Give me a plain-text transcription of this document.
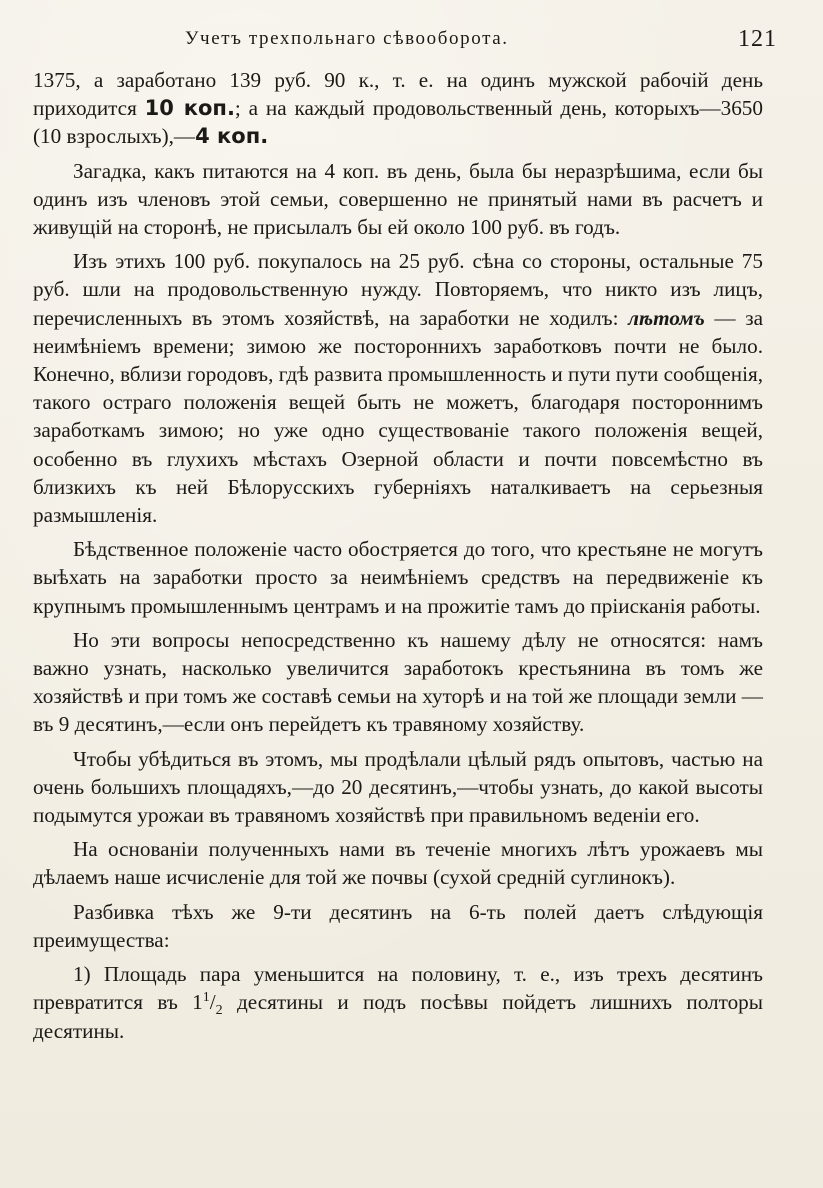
Учетъ трехпольнаго сѣвооборота.	121

1375, а заработано 139 руб. 90 к., т. е. на одинъ мужской рабочій день приходится 10 коп.; а на каждый продовольственный день, которыхъ—3650 (10 взрослыхъ),—4 коп.

Загадка, какъ питаются на 4 коп. въ день, была бы неразрѣшима, если бы одинъ изъ членовъ этой семьи, совершенно не принятый нами въ расчетъ и живущій на сторонѣ, не присылалъ бы ей около 100 руб. въ годъ.

Изъ этихъ 100 руб. покупалось на 25 руб. сѣна со стороны, остальные 75 руб. шли на продовольственную нужду. Повторяемъ, что никто изъ лицъ, перечисленныхъ въ этомъ хозяйствѣ, на заработки не ходилъ: лѣтомъ — за неимѣніемъ времени; зимою же постороннихъ заработковъ почти не было. Конечно, вблизи городовъ, гдѣ развита промышленность и пути пути сообщенія, такого остраго положенія вещей быть не можетъ, благодаря постороннимъ заработкамъ зимою; но уже одно существованіе такого положенія вещей, особенно въ глухихъ мѣстахъ Озерной области и почти повсемѣстно въ близкихъ къ ней Бѣлорусскихъ губерніяхъ наталкиваетъ на серьезныя размышленія.

Бѣдственное положеніе часто обостряется до того, что крестьяне не могутъ выѣхать на заработки просто за неимѣніемъ средствъ на передвиженіе къ крупнымъ промышленнымъ центрамъ и на прожитіе тамъ до пріисканія работы.

Но эти вопросы непосредственно къ нашему дѣлу не относятся: намъ важно узнать, насколько увеличится заработокъ крестьянина въ томъ же хозяйствѣ и при томъ же составѣ семьи на хуторѣ и на той же площади земли — въ 9 десятинъ,—если онъ перейдетъ къ травяному хозяйству.

Чтобы убѣдиться въ этомъ, мы продѣлали цѣлый рядъ опытовъ, частью на очень большихъ площадяхъ,—до 20 десятинъ,—чтобы узнать, до какой высоты подымутся урожаи въ травяномъ хозяйствѣ при правильномъ веденіи его.

На основаніи полученныхъ нами въ теченіе многихъ лѣтъ урожаевъ мы дѣлаемъ наше исчисленіе для той же почвы (сухой средній суглинокъ).

Разбивка тѣхъ же 9-ти десятинъ на 6-ть полей даетъ слѣдующія преимущества:

1) Площадь пара уменьшится на половину, т. е., изъ трехъ десятинъ превратится въ $1^1/_2$ десятины и подъ посѣвы пойдетъ лишнихъ полторы десятины.
